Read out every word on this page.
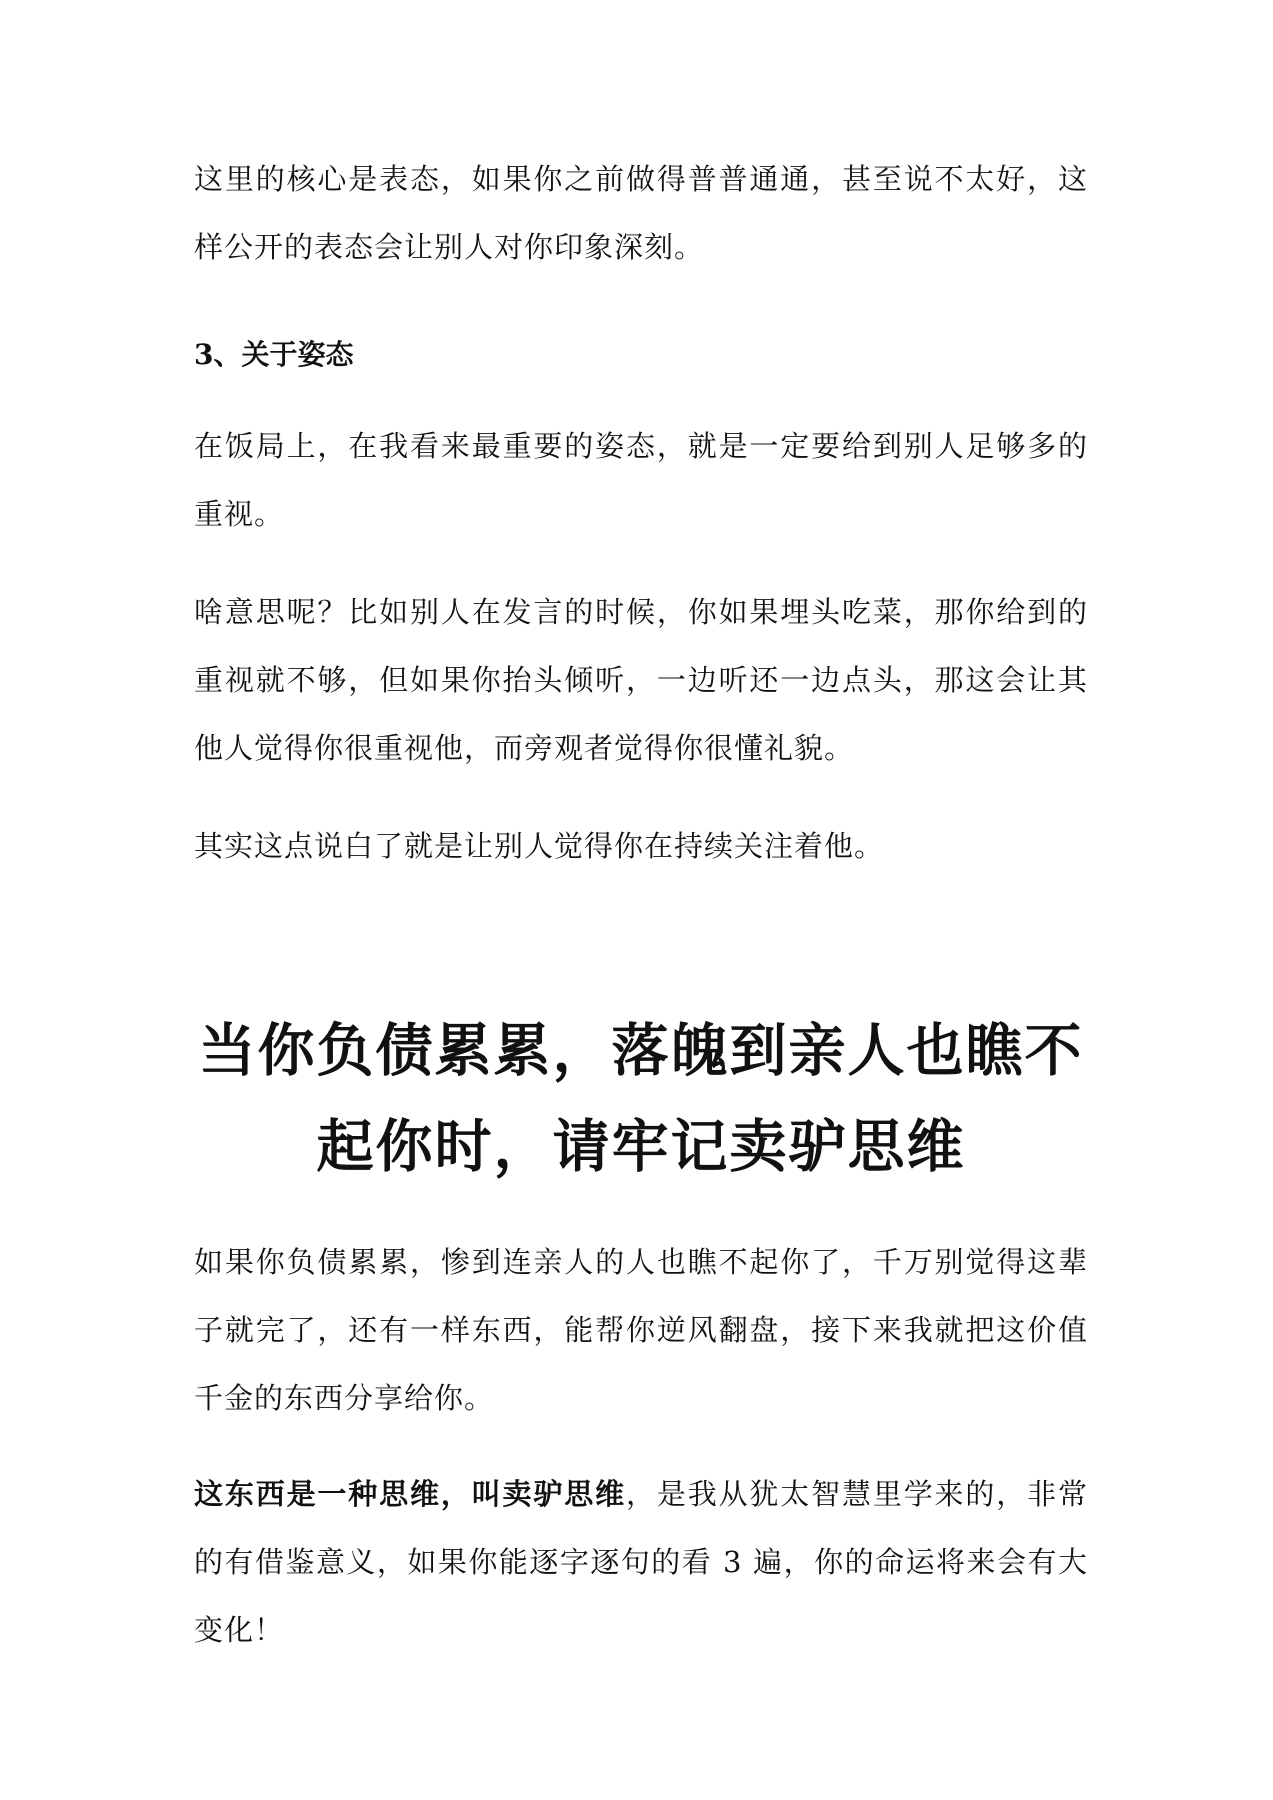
这里的核心是表态，如果你之前做得普普通通，甚至说不太好，这样公开的表态会让别人对你印象深刻。

3、关于姿态

在饭局上，在我看来最重要的姿态，就是一定要给到别人足够多的重视。

啥意思呢？比如别人在发言的时候，你如果埋头吃菜，那你给到的重视就不够，但如果你抬头倾听，一边听还一边点头，那这会让其他人觉得你很重视他，而旁观者觉得你很懂礼貌。

其实这点说白了就是让别人觉得你在持续关注着他。

当你负债累累，落魄到亲人也瞧不起你时，请牢记卖驴思维

如果你负债累累，惨到连亲人的人也瞧不起你了，千万别觉得这辈子就完了，还有一样东西，能帮你逆风翻盘，接下来我就把这价值千金的东西分享给你。

这东西是一种思维，叫卖驴思维，是我从犹太智慧里学来的，非常的有借鉴意义，如果你能逐字逐句的看 3 遍，你的命运将来会有大变化！
